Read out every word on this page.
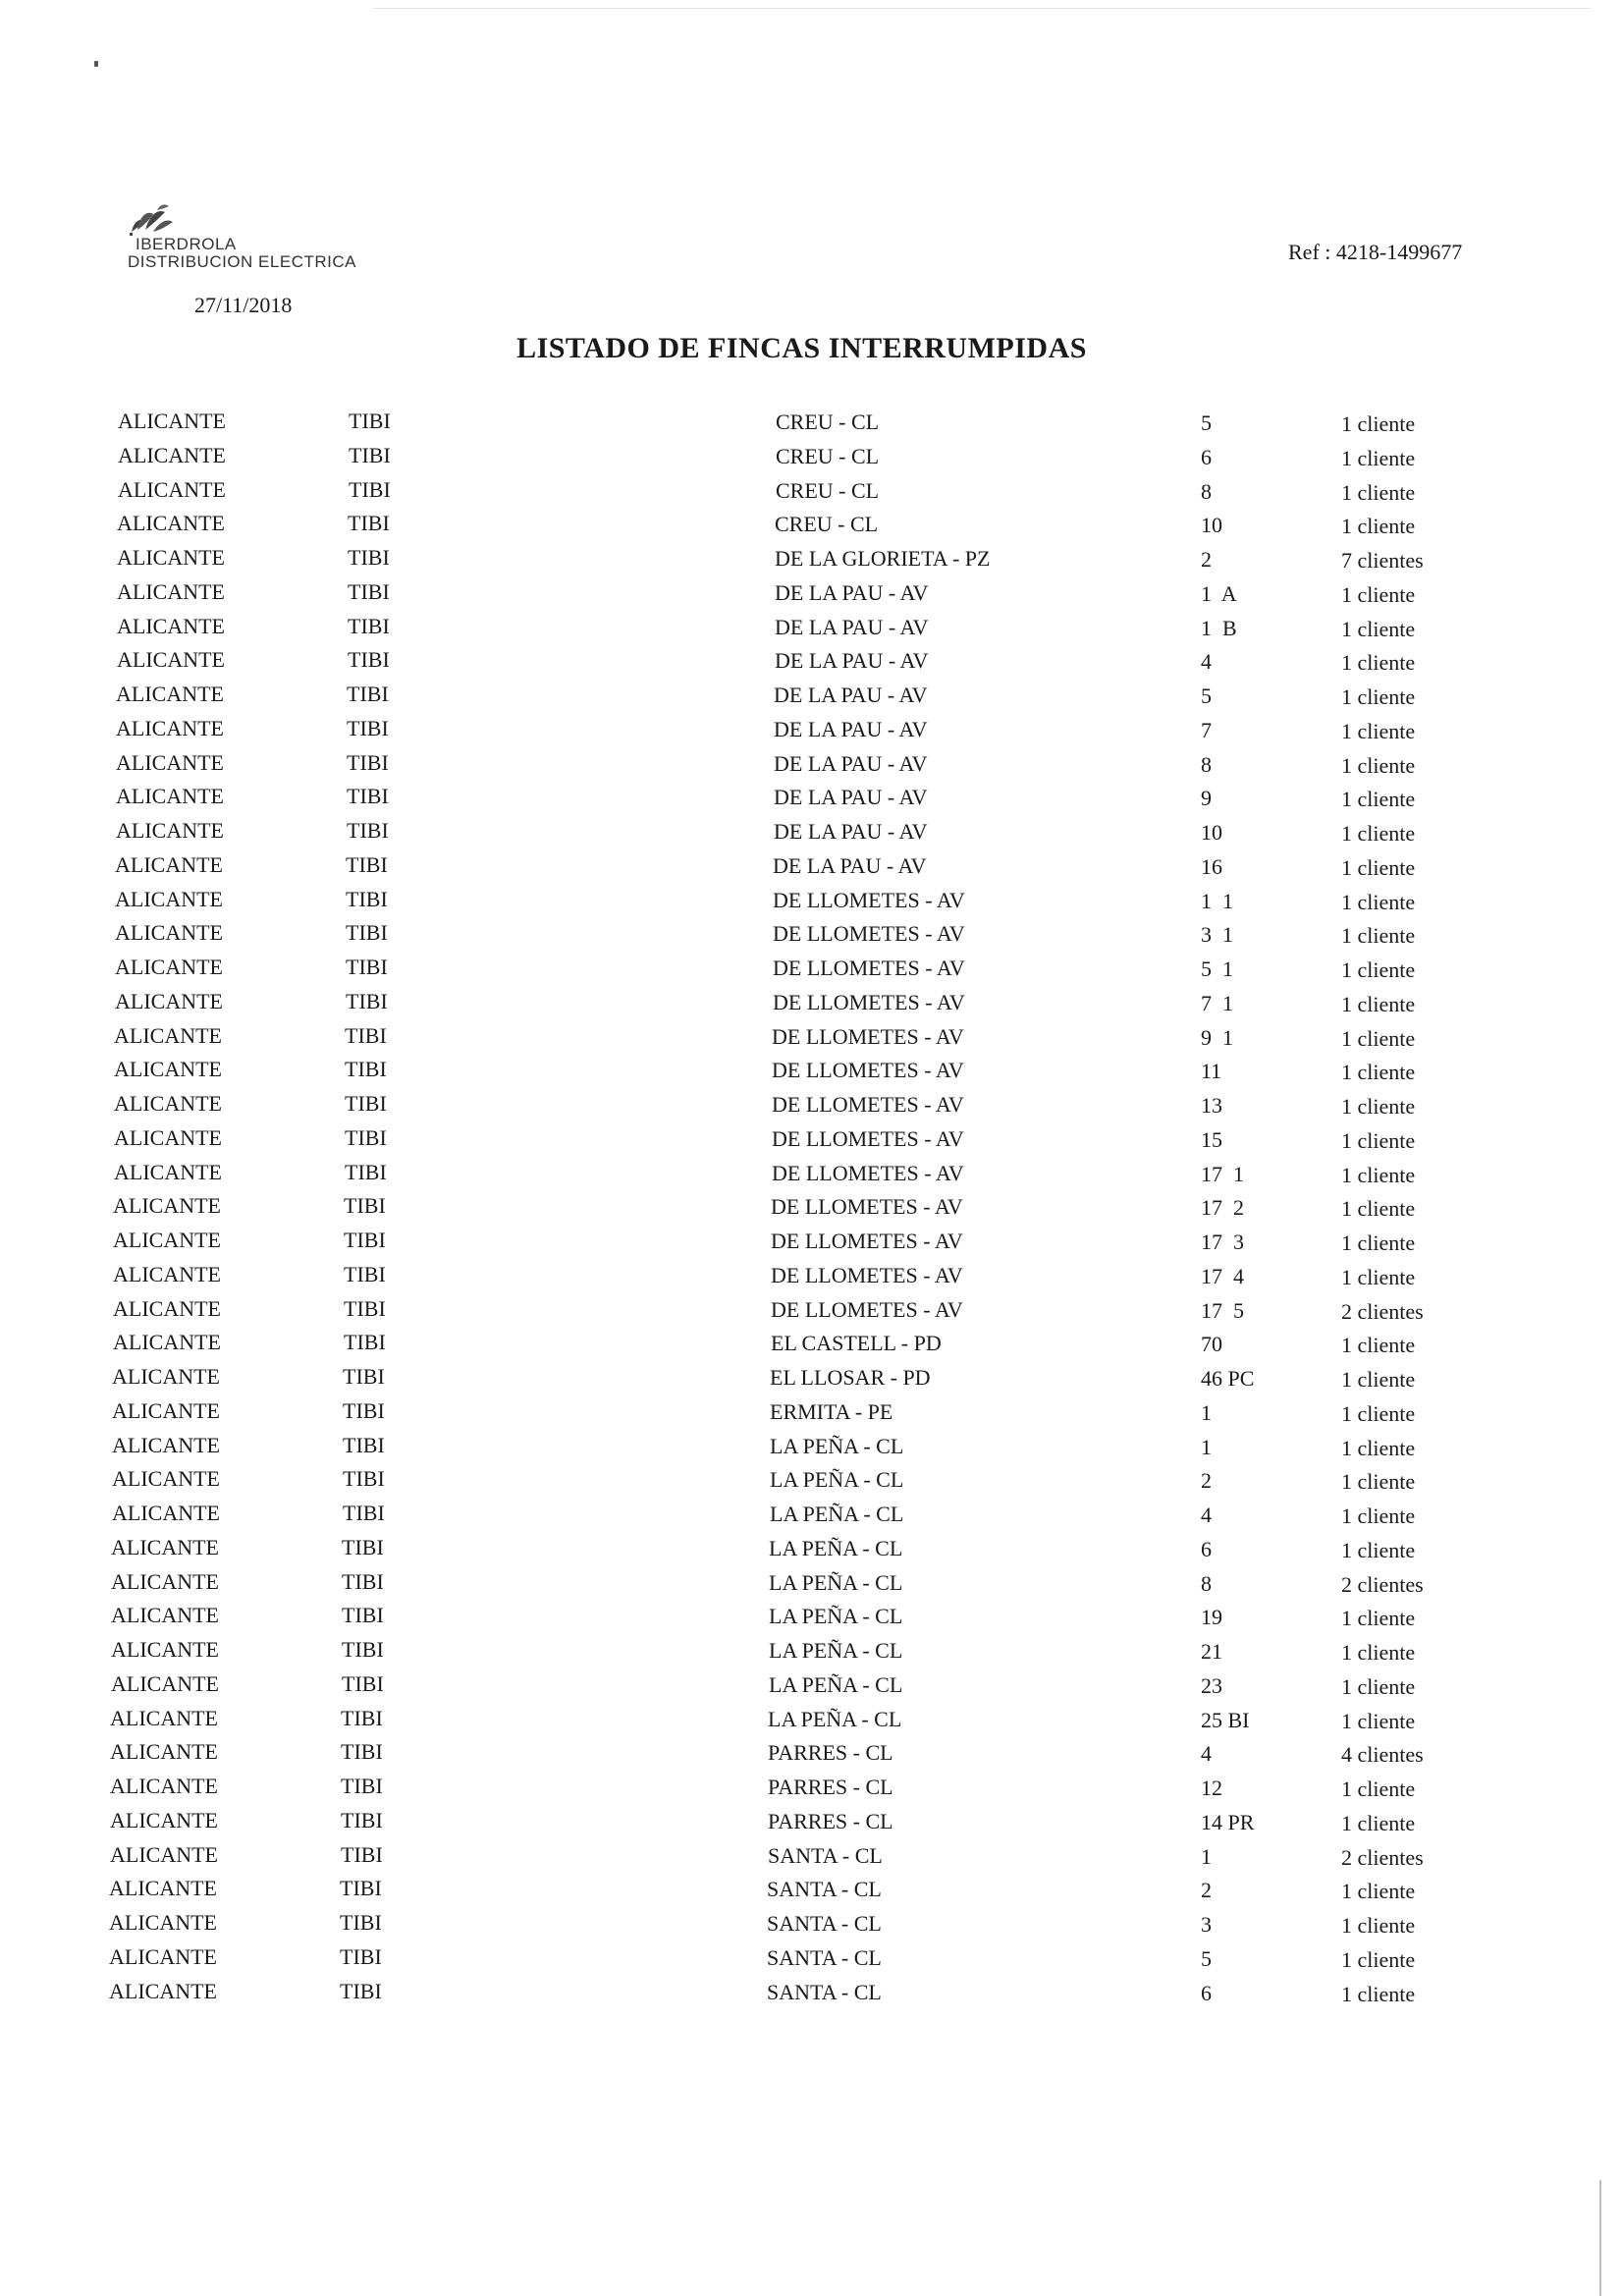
IBERDROLA
DISTRIBUCION ELECTRICA
27/11/2018
Ref : 4218-1499677
LISTADO DE FINCAS INTERRUMPIDAS
ALICANTE	TIBI	CREU - CL	5	1 cliente
ALICANTE	TIBI	CREU - CL	6	1 cliente
ALICANTE	TIBI	CREU - CL	8	1 cliente
ALICANTE	TIBI	CREU - CL	10	1 cliente
ALICANTE	TIBI	DE LA GLORIETA - PZ	2	7 clientes
ALICANTE	TIBI	DE LA PAU - AV	1  A	1 cliente
ALICANTE	TIBI	DE LA PAU - AV	1  B	1 cliente
ALICANTE	TIBI	DE LA PAU - AV	4	1 cliente
ALICANTE	TIBI	DE LA PAU - AV	5	1 cliente
ALICANTE	TIBI	DE LA PAU - AV	7	1 cliente
ALICANTE	TIBI	DE LA PAU - AV	8	1 cliente
ALICANTE	TIBI	DE LA PAU - AV	9	1 cliente
ALICANTE	TIBI	DE LA PAU - AV	10	1 cliente
ALICANTE	TIBI	DE LA PAU - AV	16	1 cliente
ALICANTE	TIBI	DE LLOMETES - AV	1  1	1 cliente
ALICANTE	TIBI	DE LLOMETES - AV	3  1	1 cliente
ALICANTE	TIBI	DE LLOMETES - AV	5  1	1 cliente
ALICANTE	TIBI	DE LLOMETES - AV	7  1	1 cliente
ALICANTE	TIBI	DE LLOMETES - AV	9  1	1 cliente
ALICANTE	TIBI	DE LLOMETES - AV	11	1 cliente
ALICANTE	TIBI	DE LLOMETES - AV	13	1 cliente
ALICANTE	TIBI	DE LLOMETES - AV	15	1 cliente
ALICANTE	TIBI	DE LLOMETES - AV	17  1	1 cliente
ALICANTE	TIBI	DE LLOMETES - AV	17  2	1 cliente
ALICANTE	TIBI	DE LLOMETES - AV	17  3	1 cliente
ALICANTE	TIBI	DE LLOMETES - AV	17  4	1 cliente
ALICANTE	TIBI	DE LLOMETES - AV	17  5	2 clientes
ALICANTE	TIBI	EL CASTELL - PD	70	1 cliente
ALICANTE	TIBI	EL LLOSAR - PD	46 PC	1 cliente
ALICANTE	TIBI	ERMITA - PE	1	1 cliente
ALICANTE	TIBI	LA PEÑA - CL	1	1 cliente
ALICANTE	TIBI	LA PEÑA - CL	2	1 cliente
ALICANTE	TIBI	LA PEÑA - CL	4	1 cliente
ALICANTE	TIBI	LA PEÑA - CL	6	1 cliente
ALICANTE	TIBI	LA PEÑA - CL	8	2 clientes
ALICANTE	TIBI	LA PEÑA - CL	19	1 cliente
ALICANTE	TIBI	LA PEÑA - CL	21	1 cliente
ALICANTE	TIBI	LA PEÑA - CL	23	1 cliente
ALICANTE	TIBI	LA PEÑA - CL	25 BI	1 cliente
ALICANTE	TIBI	PARRES - CL	4	4 clientes
ALICANTE	TIBI	PARRES - CL	12	1 cliente
ALICANTE	TIBI	PARRES - CL	14 PR	1 cliente
ALICANTE	TIBI	SANTA - CL	1	2 clientes
ALICANTE	TIBI	SANTA - CL	2	1 cliente
ALICANTE	TIBI	SANTA - CL	3	1 cliente
ALICANTE	TIBI	SANTA - CL	5	1 cliente
ALICANTE	TIBI	SANTA - CL	6	1 cliente
